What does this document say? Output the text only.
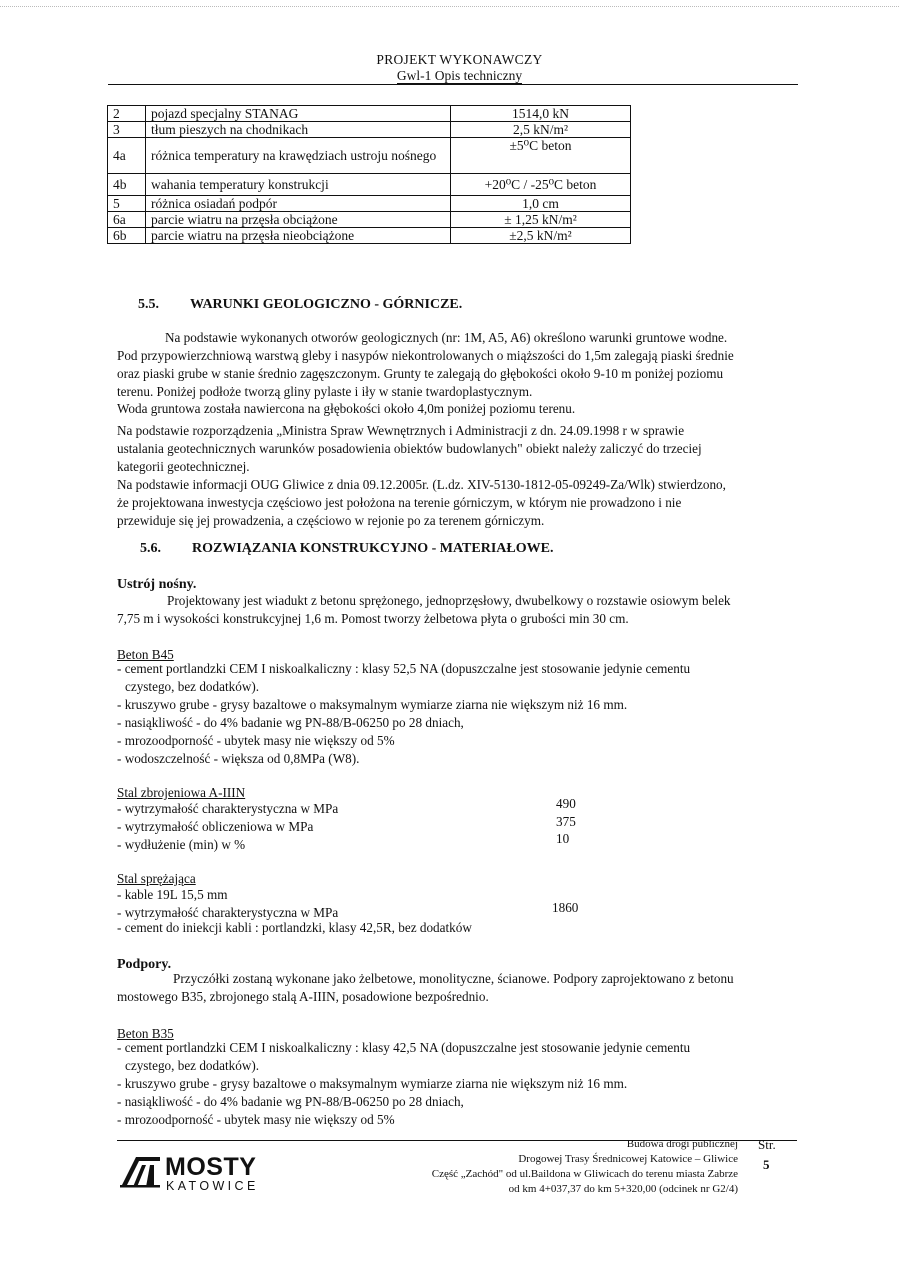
PROJEKT WYKONAWCZY
Gwl-1 Opis techniczny
2	pojazd specjalny STANAG	1514,0 kN
3	tłum pieszych na chodnikach	2,5 kN/m²
4a	różnica temperatury na krawędziach ustroju nośnego	±5⁰C beton
4b	wahania temperatury konstrukcji	+20⁰C / -25⁰C beton
5	różnica osiadań podpór	1,0 cm
6a	parcie wiatru na przęsła obciążone	± 1,25 kN/m²
6b	parcie wiatru na przęsła nieobciążone	±2,5 kN/m²
5.5. WARUNKI GEOLOGICZNO - GÓRNICZE.
Na podstawie wykonanych otworów geologicznych (nr: 1M, A5, A6) określono warunki gruntowe wodne.
Pod przypowierzchniową warstwą gleby i nasypów niekontrolowanych o miąższości do 1,5m zalegają piaski średnie
oraz piaski grube w stanie średnio zagęszczonym. Grunty te zalegają do głębokości około 9-10 m poniżej poziomu
terenu. Poniżej podłoże tworzą gliny pylaste i iły w stanie twardoplastycznym.
Woda gruntowa została nawiercona na głębokości około 4,0m poniżej poziomu terenu.
Na podstawie rozporządzenia „Ministra Spraw Wewnętrznych i Administracji z dn. 24.09.1998 r w sprawie
ustalania geotechnicznych warunków posadowienia obiektów budowlanych" obiekt należy zaliczyć do trzeciej
kategorii geotechnicznej.
Na podstawie informacji OUG Gliwice z dnia 09.12.2005r. (L.dz. XIV-5130-1812-05-09249-Za/Wlk) stwierdzono,
że projektowana inwestycja częściowo jest położona na terenie górniczym, w którym nie prowadzono i nie
przewiduje się jej prowadzenia, a częściowo w rejonie po za terenem górniczym.
5.6. ROZWIĄZANIA KONSTRUKCYJNO - MATERIAŁOWE.
Ustrój nośny.
Projektowany jest wiadukt z betonu sprężonego, jednoprzęsłowy, dwubelkowy o rozstawie osiowym belek
7,75 m i wysokości konstrukcyjnej 1,6 m. Pomost tworzy żelbetowa płyta o grubości min 30 cm.
Beton B45
- cement portlandzki CEM I niskoalkaliczny : klasy 52,5 NA (dopuszczalne jest stosowanie jedynie cementu
czystego, bez dodatków).
- kruszywo grube - grysy bazaltowe o maksymalnym wymiarze ziarna nie większym niż 16 mm.
- nasiąkliwość - do 4% badanie wg PN-88/B-06250 po 28 dniach,
- mrozoodporność - ubytek masy nie większy od 5%
- wodoszczelność - większa od 0,8MPa (W8).
Stal zbrojeniowa A-IIIN
- wytrzymałość charakterystyczna w MPa	490
- wytrzymałość obliczeniowa w MPa	375
- wydłużenie (min) w %	10
Stal sprężająca
- kable 19L 15,5 mm
- wytrzymałość charakterystyczna w MPa	1860
- cement do iniekcji kabli : portlandzki, klasy 42,5R, bez dodatków
Podpory.
Przyczółki zostaną wykonane jako żelbetowe, monolityczne, ścianowe. Podpory zaprojektowano z betonu
mostowego B35, zbrojonego stalą A-IIIN, posadowione bezpośrednio.
Beton B35
- cement portlandzki CEM I niskoalkaliczny : klasy 42,5 NA (dopuszczalne jest stosowanie jedynie cementu
czystego, bez dodatków).
- kruszywo grube - grysy bazaltowe o maksymalnym wymiarze ziarna nie większym niż 16 mm.
- nasiąkliwość - do 4% badanie wg PN-88/B-06250 po 28 dniach,
- mrozoodporność - ubytek masy nie większy od 5%
MOSTY
KATOWICE
Budowa drogi publicznej
Drogowej Trasy Średnicowej Katowice – Gliwice
Część „Zachód" od ul.Baildona w Gliwicach do terenu miasta Zabrze
od km 4+037,37 do km 5+320,00 (odcinek nr G2/4)
Str.
5
